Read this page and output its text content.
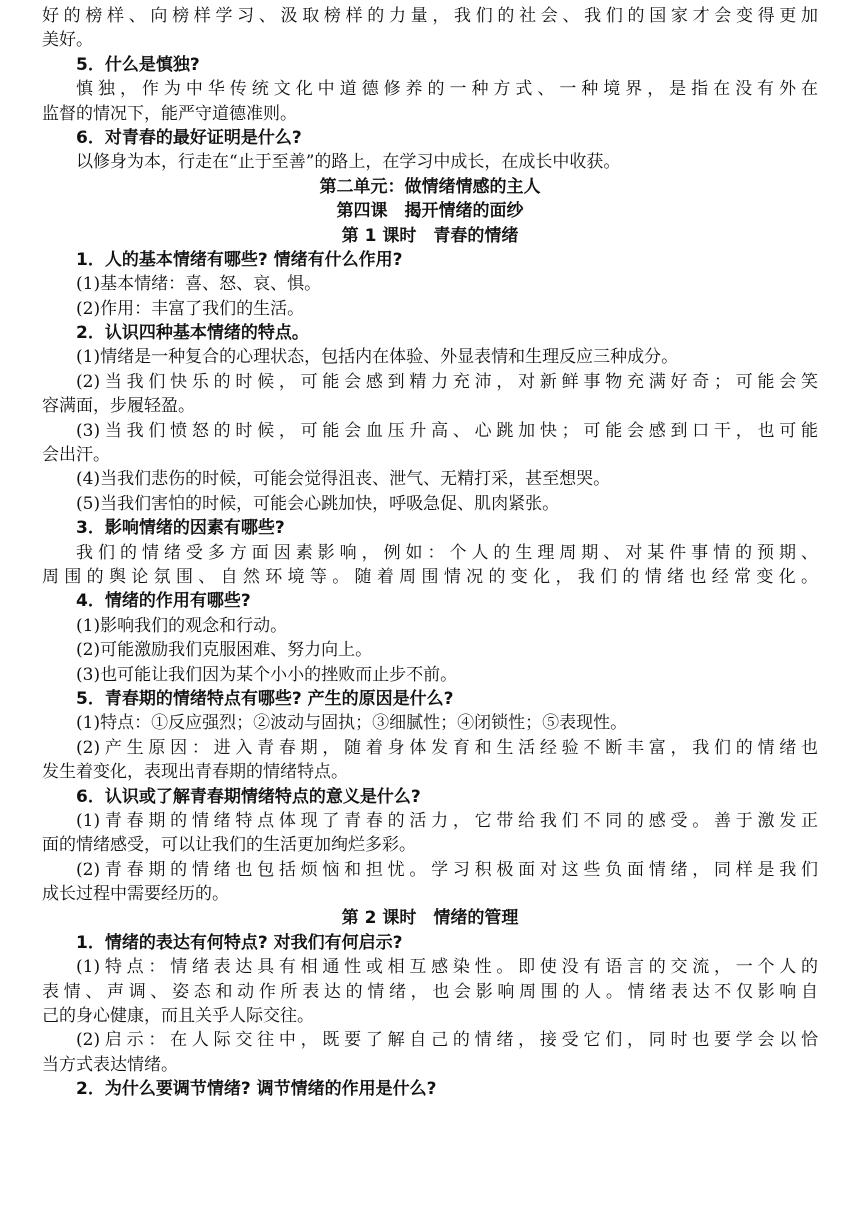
好的榜样、向榜样学习、汲取榜样的力量，我们的社会、我们的国家才会变得更加
美好。
5．什么是慎独?
慎独，作为中华传统文化中道德修养的一种方式、一种境界，是指在没有外在
监督的情况下，能严守道德准则。
6．对青春的最好证明是什么?
以修身为本，行走在“止于至善”的路上，在学习中成长，在成长中收获。
第二单元：做情绪情感的主人
第四课　揭开情绪的面纱
第 1 课时　青春的情绪
1．人的基本情绪有哪些? 情绪有什么作用?
(1)基本情绪：喜、怒、哀、惧。
(2)作用：丰富了我们的生活。
2．认识四种基本情绪的特点。
(1)情绪是一种复合的心理状态，包括内在体验、外显表情和生理反应三种成分。
(2)当我们快乐的时候，可能会感到精力充沛，对新鲜事物充满好奇；可能会笑
容满面，步履轻盈。
(3)当我们愤怒的时候，可能会血压升高、心跳加快；可能会感到口干，也可能
会出汗。
(4)当我们悲伤的时候，可能会觉得沮丧、泄气、无精打采，甚至想哭。
(5)当我们害怕的时候，可能会心跳加快，呼吸急促、肌肉紧张。
3．影响情绪的因素有哪些?
我们的情绪受多方面因素影响，例如：个人的生理周期、对某件事情的预期、
周围的舆论氛围、自然环境等。随着周围情况的变化，我们的情绪也经常变化。
4．情绪的作用有哪些?
(1)影响我们的观念和行动。
(2)可能激励我们克服困难、努力向上。
(3)也可能让我们因为某个小小的挫败而止步不前。
5．青春期的情绪特点有哪些? 产生的原因是什么?
(1)特点：①反应强烈；②波动与固执；③细腻性；④闭锁性；⑤表现性。
(2)产生原因：进入青春期，随着身体发育和生活经验不断丰富，我们的情绪也
发生着变化，表现出青春期的情绪特点。
6．认识或了解青春期情绪特点的意义是什么?
(1)青春期的情绪特点体现了青春的活力，它带给我们不同的感受。善于激发正
面的情绪感受，可以让我们的生活更加绚烂多彩。
(2)青春期的情绪也包括烦恼和担忧。学习积极面对这些负面情绪，同样是我们
成长过程中需要经历的。
第 2 课时　情绪的管理
1．情绪的表达有何特点? 对我们有何启示?
(1)特点：情绪表达具有相通性或相互感染性。即使没有语言的交流，一个人的
表情、声调、姿态和动作所表达的情绪，也会影响周围的人。情绪表达不仅影响自
己的身心健康，而且关乎人际交往。
(2)启示：在人际交往中，既要了解自己的情绪，接受它们，同时也要学会以恰
当方式表达情绪。
2．为什么要调节情绪? 调节情绪的作用是什么?
